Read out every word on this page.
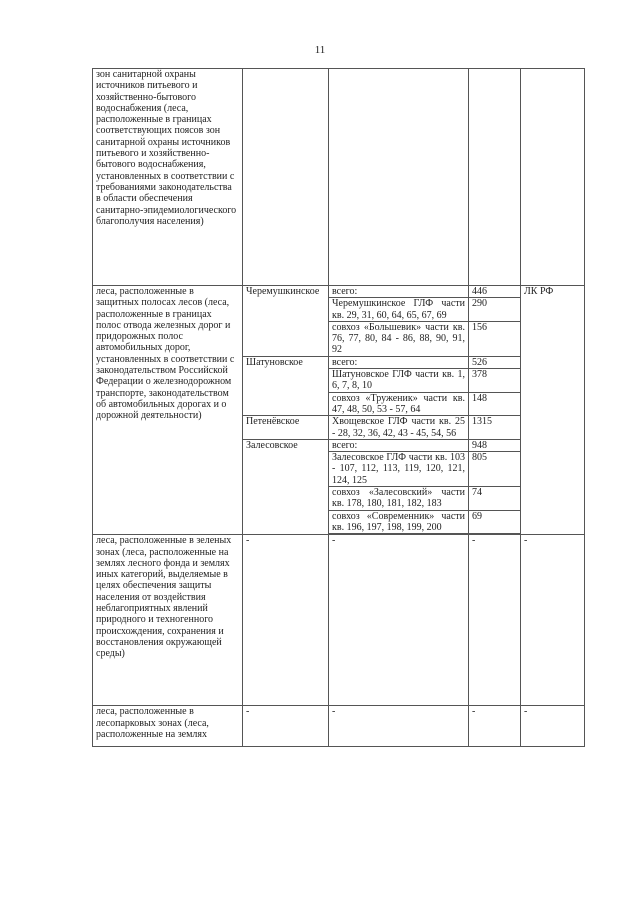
11
зон санитарной охраны источников питьевого и хозяйственно-бытового водоснабжения (леса, расположенные в границах соответствующих поясов зон санитарной охраны источников питьевого и хозяйственно-бытового водоснабжения, установленных в соответствии с требованиями законодательства в области обеспечения санитарно-эпидемиологического благополучия населения)				
леса, расположенные в защитных полосах лесов (леса, расположенные в границах полос отвода железных дорог и придорожных полос автомобильных дорог, установленных в соответствии с законодательством Российской Федерации о железнодорожном транспорте, законодательством об автомобильных дорогах и о дорожной деятельности)	Черемушкинское	всего:	446	ЛК РФ
		Черемушкинское ГЛФ части кв. 29, 31, 60, 64, 65, 67, 69	290	
		совхоз «Большевик» части кв. 76, 77, 80, 84 - 86, 88, 90, 91, 92	156	
	Шатуновское	всего:	526	
		Шатуновское ГЛФ части кв. 1, 6, 7, 8, 10	378	
		совхоз «Труженик» части кв. 47, 48, 50, 53 - 57, 64	148	
	Петенёвское	Хвощевское ГЛФ части кв. 25 - 28, 32, 36, 42, 43 - 45, 54, 56	1315	
	Залесовское	всего:	948	
		Залесовское ГЛФ части кв. 103 - 107, 112, 113, 119, 120, 121, 124, 125	805	
		совхоз «Залесовский» части кв. 178, 180, 181, 182, 183	74	
		совхоз «Современник» части кв. 196, 197, 198, 199, 200	69	

леса, расположенные в зеленых зонах (леса, расположенные на землях лесного фонда и землях иных категорий, выделяемые в целях обеспечения защиты населения от воздействия неблагоприятных явлений природного и техногенного происхождения, сохранения и восстановления окружающей среды)	-	-	-	-
леса, расположенные в лесопарковых зонах (леса, расположенные на землях	-	-	-	-
